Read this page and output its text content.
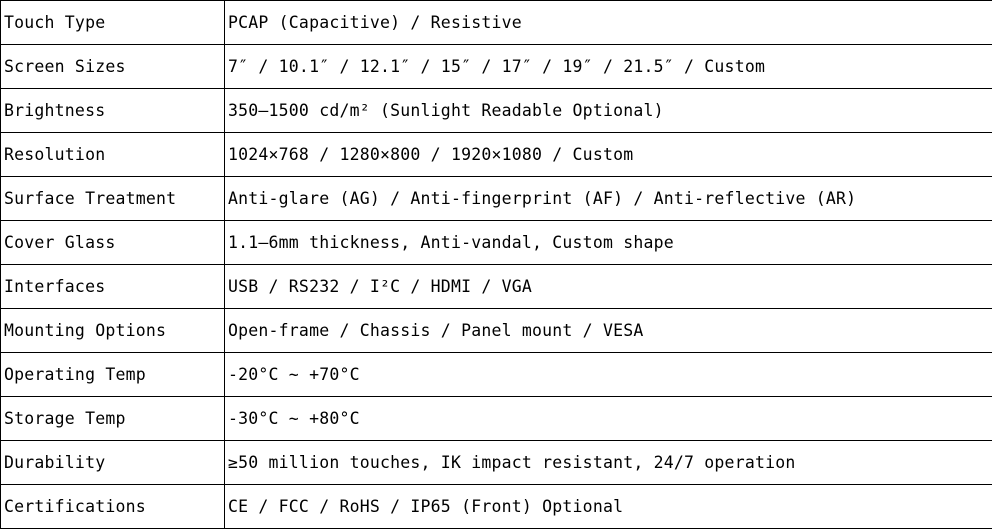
Touch Type	PCAP (Capacitive) / Resistive
Screen Sizes	7″ / 10.1″ / 12.1″ / 15″ / 17″ / 19″ / 21.5″ / Custom
Brightness	350–1500 cd/m² (Sunlight Readable Optional)
Resolution	1024×768 / 1280×800 / 1920×1080 / Custom
Surface Treatment	Anti-glare (AG) / Anti-fingerprint (AF) / Anti-reflective (AR)
Cover Glass	1.1–6mm thickness, Anti-vandal, Custom shape
Interfaces	USB / RS232 / I²C / HDMI / VGA
Mounting Options	Open-frame / Chassis / Panel mount / VESA
Operating Temp	-20°C ~ +70°C
Storage Temp	-30°C ~ +80°C
Durability	≥50 million touches, IK impact resistant, 24/7 operation
Certifications	CE / FCC / RoHS / IP65 (Front) Optional
